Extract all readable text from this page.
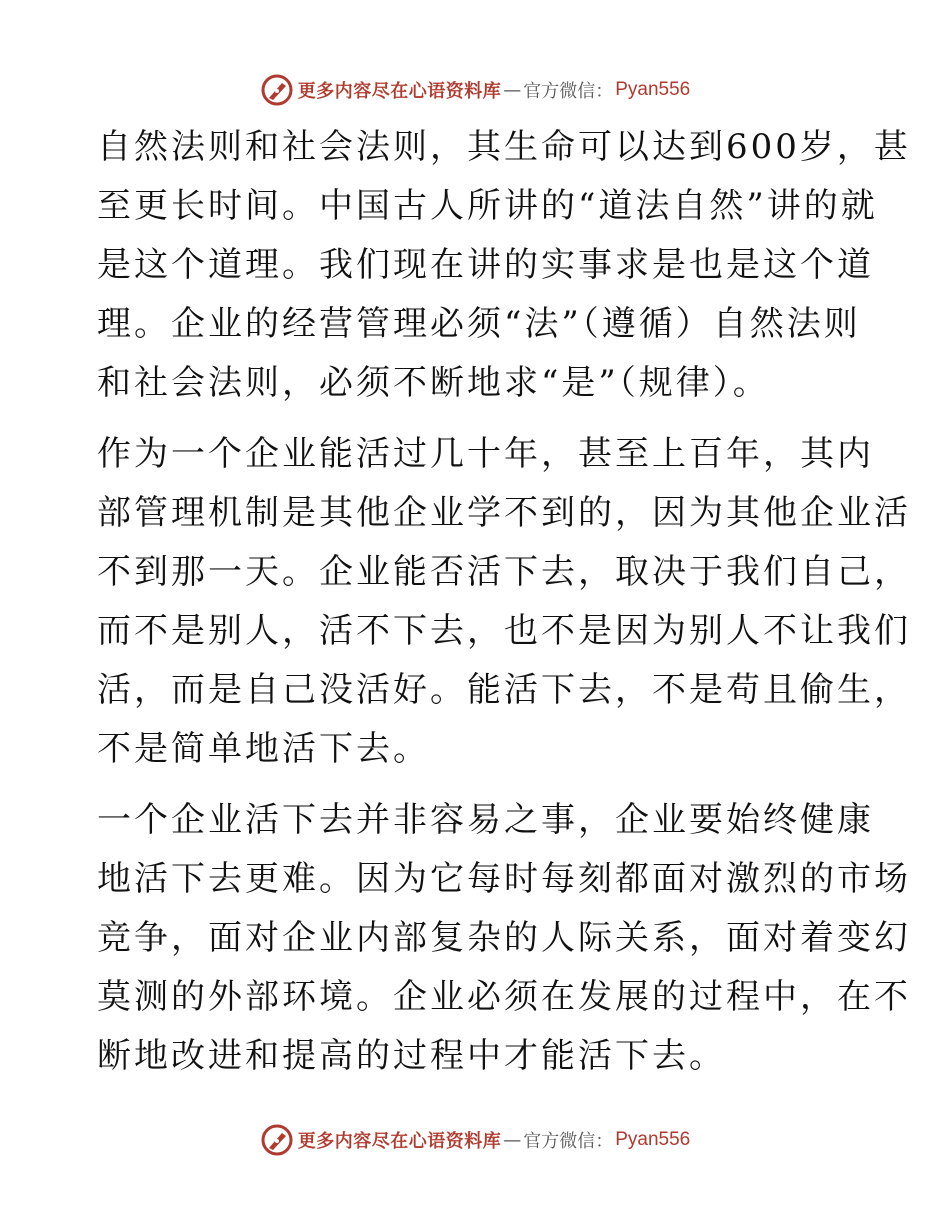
更多内容尽在心语资料库 — 官方微信： Pyan556

自然法则和社会法则，其生命可以达到600岁，甚
至更长时间。中国古人所讲的“道法自然”讲的就
是这个道理。我们现在讲的实事求是也是这个道
理。企业的经营管理必须“法”（遵循）自然法则
和社会法则，必须不断地求“是”（规律）。

作为一个企业能活过几十年，甚至上百年，其内
部管理机制是其他企业学不到的，因为其他企业活
不到那一天。企业能否活下去，取决于我们自己，
而不是别人，活不下去，也不是因为别人不让我们
活，而是自己没活好。能活下去，不是苟且偷生，
不是简单地活下去。

一个企业活下去并非容易之事，企业要始终健康
地活下去更难。因为它每时每刻都面对激烈的市场
竞争，面对企业内部复杂的人际关系，面对着变幻
莫测的外部环境。企业必须在发展的过程中，在不
断地改进和提高的过程中才能活下去。

更多内容尽在心语资料库 — 官方微信： Pyan556
